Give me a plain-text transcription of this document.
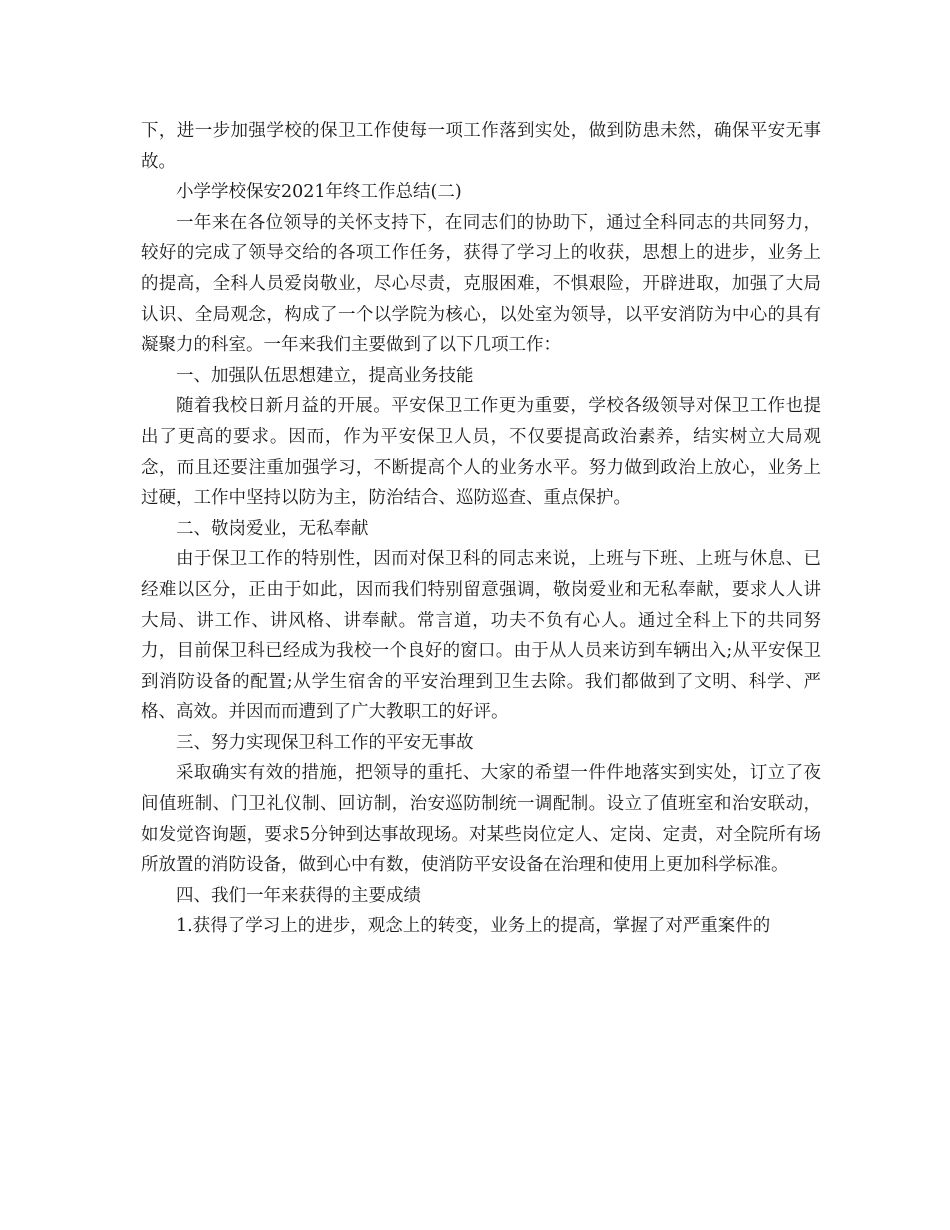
下，进一步加强学校的保卫工作使每一项工作落到实处，做到防患未然，确保平安无事故。

小学学校保安2021年终工作总结(二)

一年来在各位领导的关怀支持下，在同志们的协助下，通过全科同志的共同努力，较好的完成了领导交给的各项工作任务，获得了学习上的收获，思想上的进步，业务上的提高，全科人员爱岗敬业，尽心尽责，克服困难，不惧艰险，开辟进取，加强了大局认识、全局观念，构成了一个以学院为核心，以处室为领导，以平安消防为中心的具有凝聚力的科室。一年来我们主要做到了以下几项工作：

一、加强队伍思想建立，提高业务技能

随着我校日新月益的开展。平安保卫工作更为重要，学校各级领导对保卫工作也提出了更高的要求。因而，作为平安保卫人员，不仅要提高政治素养，结实树立大局观念，而且还要注重加强学习，不断提高个人的业务水平。努力做到政治上放心，业务上过硬，工作中坚持以防为主，防治结合、巡防巡查、重点保护。

二、敬岗爱业，无私奉献

由于保卫工作的特别性，因而对保卫科的同志来说，上班与下班、上班与休息、已经难以区分，正由于如此，因而我们特别留意强调，敬岗爱业和无私奉献，要求人人讲大局、讲工作、讲风格、讲奉献。常言道，功夫不负有心人。通过全科上下的共同努力，目前保卫科已经成为我校一个良好的窗口。由于从人员来访到车辆出入;从平安保卫到消防设备的配置;从学生宿舍的平安治理到卫生去除。我们都做到了文明、科学、严格、高效。并因而而遭到了广大教职工的好评。

三、努力实现保卫科工作的平安无事故

采取确实有效的措施，把领导的重托、大家的希望一件件地落实到实处，订立了夜间值班制、门卫礼仪制、回访制，治安巡防制统一调配制。设立了值班室和治安联动，如发觉咨询题，要求5分钟到达事故现场。对某些岗位定人、定岗、定责，对全院所有场所放置的消防设备，做到心中有数，使消防平安设备在治理和使用上更加科学标准。

四、我们一年来获得的主要成绩

1.获得了学习上的进步，观念上的转变，业务上的提高，掌握了对严重案件的
